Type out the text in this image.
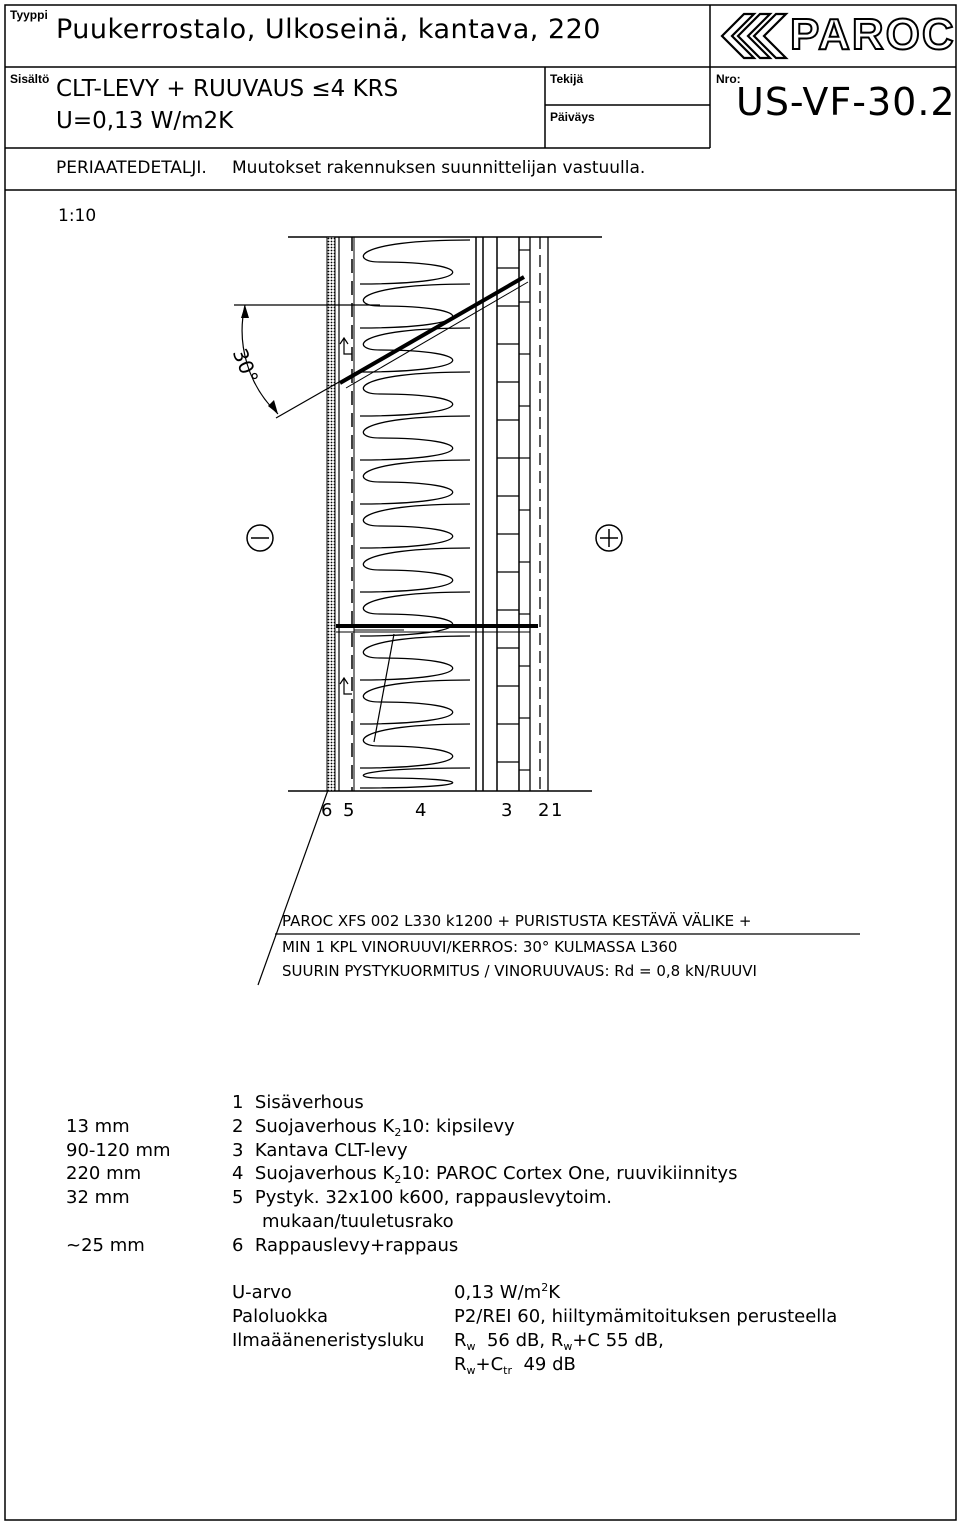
Tyyppi
Sisältö	Tekijä
Päiväys
Nro:
Puukerrostalo, Ulkoseinä, kantava, 220
CLT-LEVY + RUUVAUS ≤4 KRS
U=0,13 W/m2K	US-VF-30.2
PAROC
PERIAATEDETALJI. Muutokset rakennuksen suunnittelijan vastuulla.
1:10
30°
6 5	4	3 2 1
PAROC XFS 002 L330 k1200 + PURISTUSTA KESTÄVÄ VÄLIKE +
MIN 1 KPL VINORUUVI/KERROS: 30° KULMASSA L360
SUURIN PYSTYKUORMITUS / VINORUUVAUS: Rd = 0,8 kN/RUUVI
1 Sisäverhous
13 mm	2 Suojaverhous $K_210$: kipsilevy
90-120 mm	3 Kantava CLT-levy
220 mm	4 Suojaverhous $K_210$: PAROC Cortex One, ruuvikiinnitys
32 mm	5 Pystyk. 32x100 k600, rappauslevytoim.
mukaan/tuuletusrako
~25 mm	6 Rappauslevy+rappaus
U-arvo	0,13 $W/m^2K$
Paloluokka	P2/REI 60, hiiltymämitoituksen perusteella
Ilmaääneneristysluku $R_w$ 56 dB, $R_w+C$ 55 dB,
$R_w+C_{tr}$ 49 dB
